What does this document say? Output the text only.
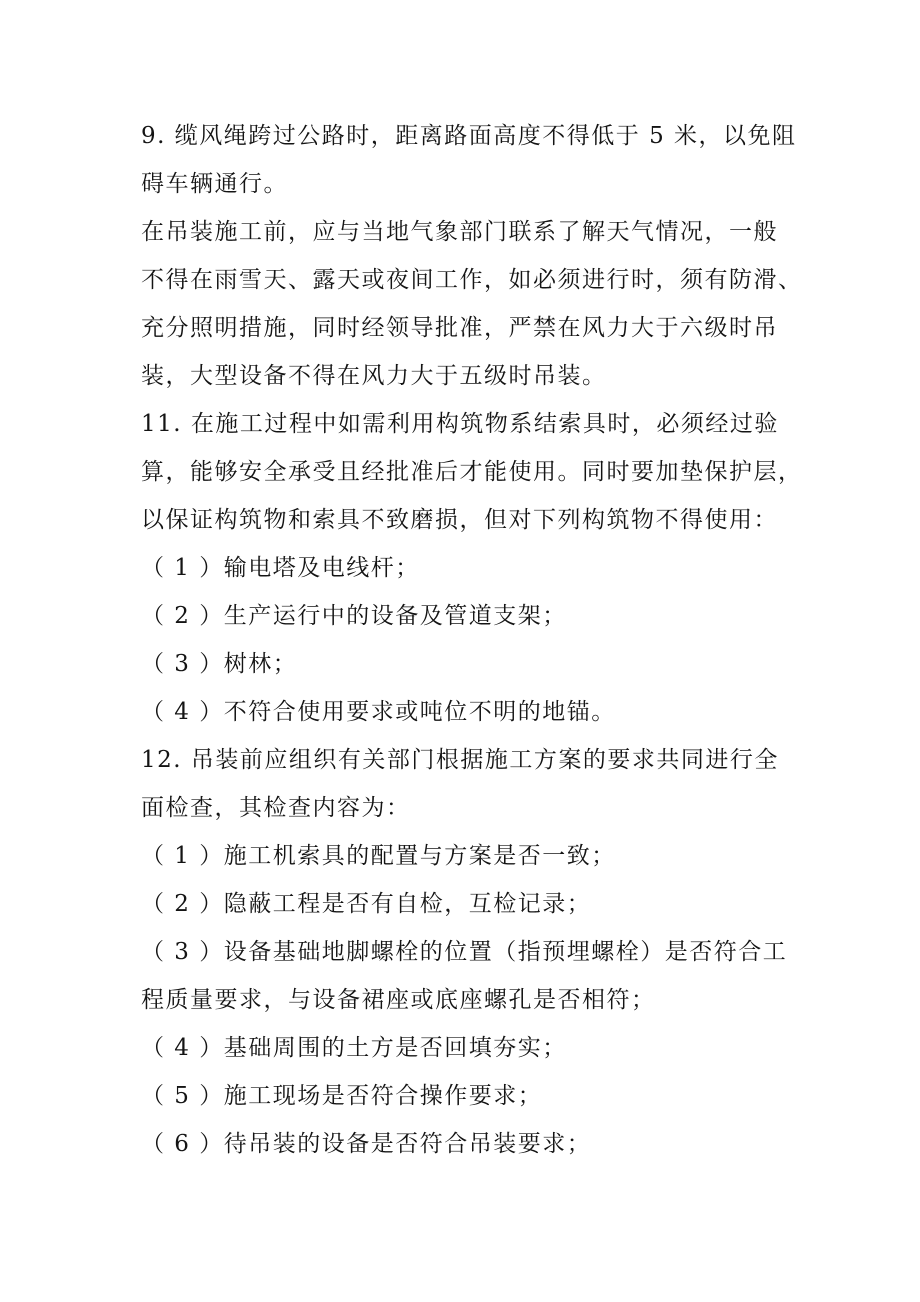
9. 缆风绳跨过公路时，距离路面高度不得低于 5 米，以免阻
碍车辆通行。
在吊装施工前，应与当地气象部门联系了解天气情况，一般
不得在雨雪天、露天或夜间工作，如必须进行时，须有防滑、
充分照明措施，同时经领导批准，严禁在风力大于六级时吊
装，大型设备不得在风力大于五级时吊装。
11. 在施工过程中如需利用构筑物系结索具时，必须经过验
算，能够安全承受且经批准后才能使用。同时要加垫保护层，
以保证构筑物和索具不致磨损，但对下列构筑物不得使用：
（ 1 ）输电塔及电线杆；
（ 2 ）生产运行中的设备及管道支架；
（ 3 ）树林；
（ 4 ）不符合使用要求或吨位不明的地锚。
12. 吊装前应组织有关部门根据施工方案的要求共同进行全
面检查，其检查内容为：
（ 1 ）施工机索具的配置与方案是否一致；
（ 2 ）隐蔽工程是否有自检，互检记录；
（ 3 ）设备基础地脚螺栓的位置（指预埋螺栓）是否符合工
程质量要求，与设备裙座或底座螺孔是否相符；
（ 4 ）基础周围的土方是否回填夯实；
（ 5 ）施工现场是否符合操作要求；
（ 6 ）待吊装的设备是否符合吊装要求；
